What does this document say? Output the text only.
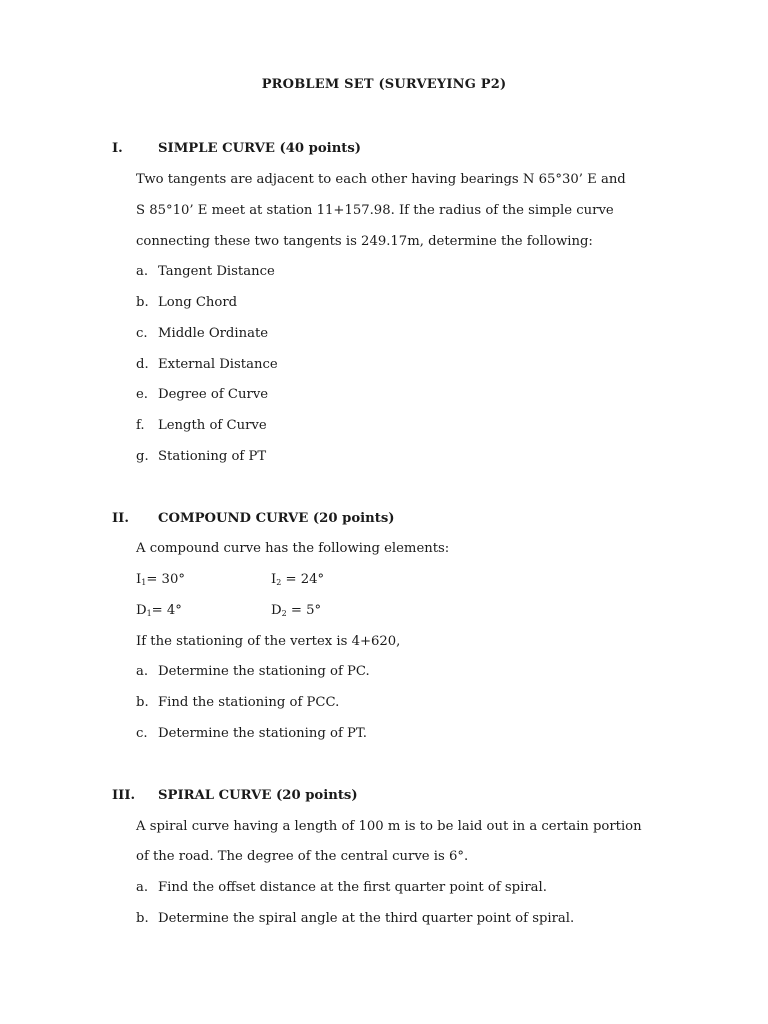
PROBLEM SET (SURVEYING P2)
I.	SIMPLE CURVE (40 points)
Two tangents are adjacent to each other having bearings N 65°30’ E and
S 85°10’ E meet at station 11+157.98. If the radius of the simple curve
connecting these two tangents is 249.17m, determine the following:
a. Tangent Distance
b. Long Chord
c. Middle Ordinate
d. External Distance
e. Degree of Curve
f. Length of Curve
g. Stationing of PT
II. COMPOUND CURVE (20 points)
A compound curve has the following elements:
$I_1= 30^\circ$	$I_2 = 24^\circ$
$D_1= 4^\circ$	$D_2 = 5^\circ$
If the stationing of the vertex is 4+620,
a. Determine the stationing of PC.
b. Find the stationing of PCC.
c. Determine the stationing of PT.
III. SPIRAL CURVE (20 points)
A spiral curve having a length of 100 m is to be laid out in a certain portion
of the road. The degree of the central curve is 6°.
a. Find the offset distance at the first quarter point of spiral.
b. Determine the spiral angle at the third quarter point of spiral.
